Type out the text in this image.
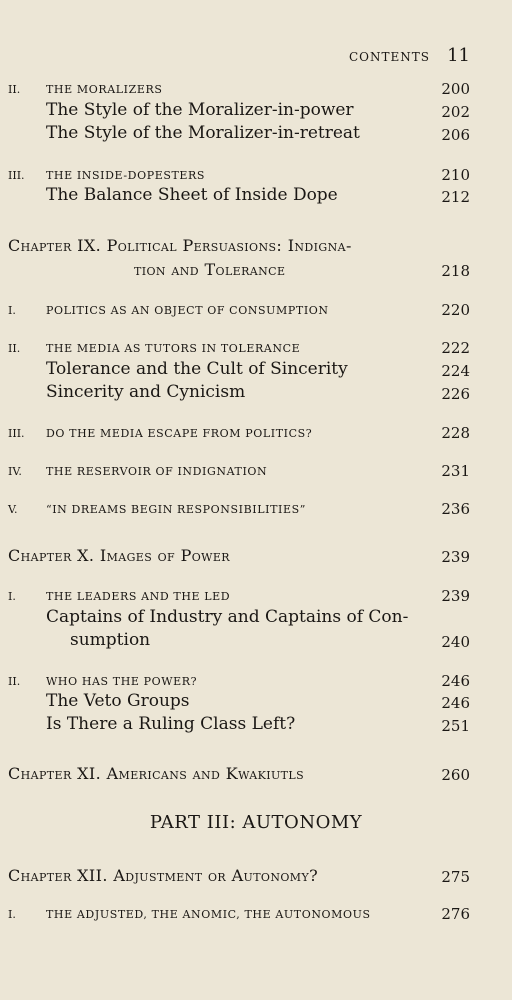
CONTENTS 11
II. THE MORALIZERS	200
The Style of the Moralizer-in-power	202
The Style of the Moralizer-in-retreat	206
III. THE INSIDE-DOPESTERS	210
The Balance Sheet of Inside Dope	212
Chapter IX. Political Persuasions: Indigna-
tion and Tolerance	218
I.	POLITICS AS AN OBJECT OF CONSUMPTION	220
II. THE MEDIA AS TUTORS IN TOLERANCE	222
Tolerance and the Cult of Sincerity	224
Sincerity and Cynicism	226
III. DO THE MEDIA ESCAPE FROM POLITICS?	228
IV. THE RESERVOIR OF INDIGNATION	231
V.	“IN DREAMS BEGIN RESPONSIBILITIES”	236
Chapter X. Images of Power	239
I.	THE LEADERS AND THE LED	239
Captains of Industry and Captains of Con-
sumption	240
II. WHO HAS THE POWER?	246
The Veto Groups	246
Is There a Ruling Class Left?	251
Chapter XI. Americans and Kwakiutls	260
PART III: AUTONOMY
Chapter XII. Adjustment or Autonomy?	275
I.	THE ADJUSTED, THE ANOMIC, THE AUTONOMOUS	276
